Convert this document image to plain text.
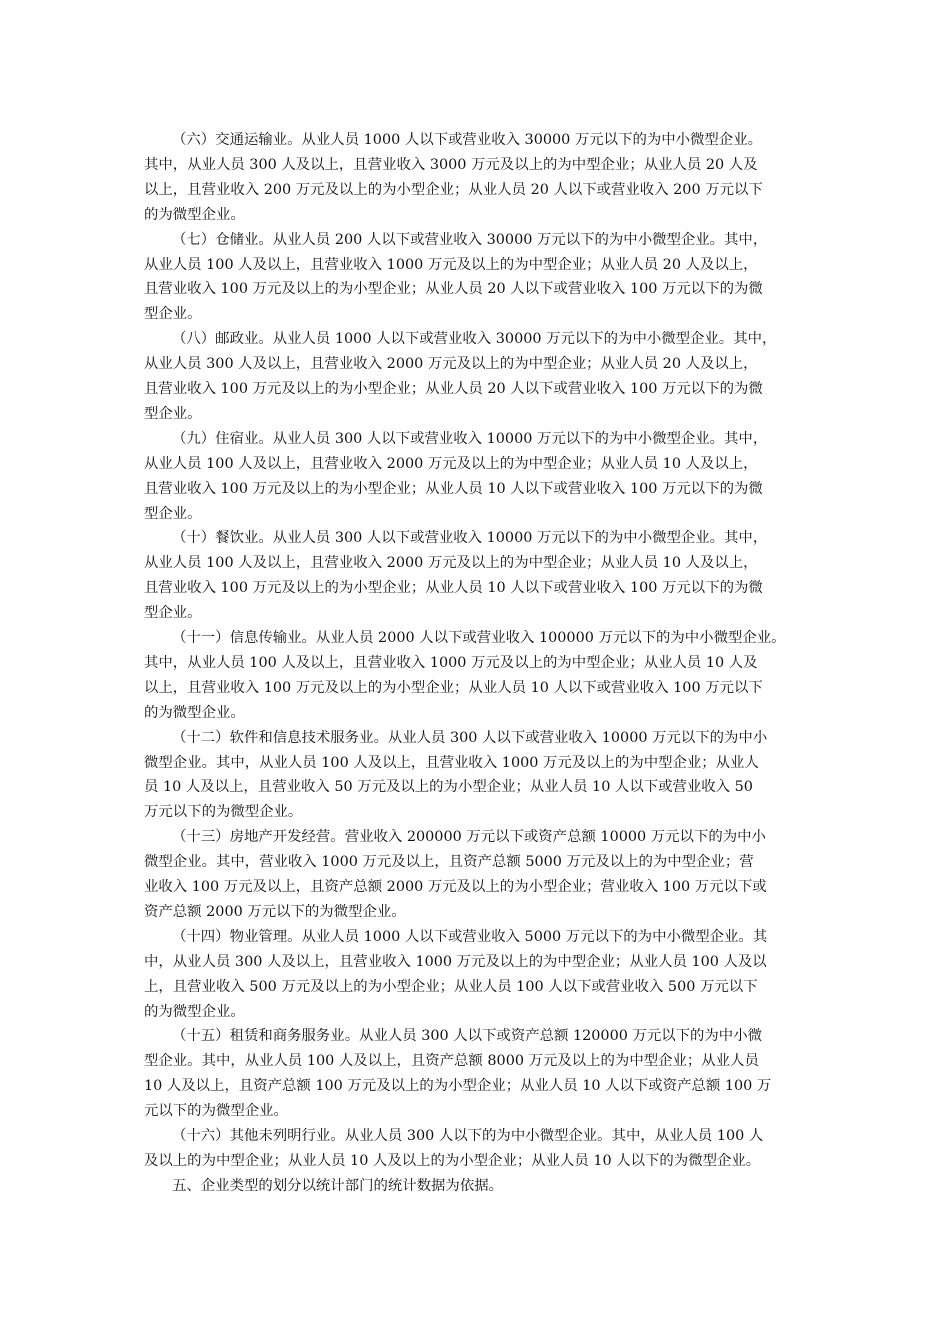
（六）交通运输业。从业人员 1000 人以下或营业收入 30000 万元以下的为中小微型企业。
其中，从业人员 300 人及以上，且营业收入 3000 万元及以上的为中型企业；从业人员 20 人及
以上，且营业收入 200 万元及以上的为小型企业；从业人员 20 人以下或营业收入 200 万元以下
的为微型企业。
（七）仓储业。从业人员 200 人以下或营业收入 30000 万元以下的为中小微型企业。其中，
从业人员 100 人及以上，且营业收入 1000 万元及以上的为中型企业；从业人员 20 人及以上，
且营业收入 100 万元及以上的为小型企业；从业人员 20 人以下或营业收入 100 万元以下的为微
型企业。
（八）邮政业。从业人员 1000 人以下或营业收入 30000 万元以下的为中小微型企业。其中，
从业人员 300 人及以上，且营业收入 2000 万元及以上的为中型企业；从业人员 20 人及以上，
且营业收入 100 万元及以上的为小型企业；从业人员 20 人以下或营业收入 100 万元以下的为微
型企业。
（九）住宿业。从业人员 300 人以下或营业收入 10000 万元以下的为中小微型企业。其中，
从业人员 100 人及以上，且营业收入 2000 万元及以上的为中型企业；从业人员 10 人及以上，
且营业收入 100 万元及以上的为小型企业；从业人员 10 人以下或营业收入 100 万元以下的为微
型企业。
（十）餐饮业。从业人员 300 人以下或营业收入 10000 万元以下的为中小微型企业。其中，
从业人员 100 人及以上，且营业收入 2000 万元及以上的为中型企业；从业人员 10 人及以上，
且营业收入 100 万元及以上的为小型企业；从业人员 10 人以下或营业收入 100 万元以下的为微
型企业。
（十一）信息传输业。从业人员 2000 人以下或营业收入 100000 万元以下的为中小微型企业。
其中，从业人员 100 人及以上，且营业收入 1000 万元及以上的为中型企业；从业人员 10 人及
以上，且营业收入 100 万元及以上的为小型企业；从业人员 10 人以下或营业收入 100 万元以下
的为微型企业。
（十二）软件和信息技术服务业。从业人员 300 人以下或营业收入 10000 万元以下的为中小
微型企业。其中，从业人员 100 人及以上，且营业收入 1000 万元及以上的为中型企业；从业人
员 10 人及以上，且营业收入 50 万元及以上的为小型企业；从业人员 10 人以下或营业收入 50
万元以下的为微型企业。
（十三）房地产开发经营。营业收入 200000 万元以下或资产总额 10000 万元以下的为中小
微型企业。其中，营业收入 1000 万元及以上，且资产总额 5000 万元及以上的为中型企业；营
业收入 100 万元及以上，且资产总额 2000 万元及以上的为小型企业；营业收入 100 万元以下或
资产总额 2000 万元以下的为微型企业。
（十四）物业管理。从业人员 1000 人以下或营业收入 5000 万元以下的为中小微型企业。其
中，从业人员 300 人及以上，且营业收入 1000 万元及以上的为中型企业；从业人员 100 人及以
上，且营业收入 500 万元及以上的为小型企业；从业人员 100 人以下或营业收入 500 万元以下
的为微型企业。
（十五）租赁和商务服务业。从业人员 300 人以下或资产总额 120000 万元以下的为中小微
型企业。其中，从业人员 100 人及以上，且资产总额 8000 万元及以上的为中型企业；从业人员
10 人及以上，且资产总额 100 万元及以上的为小型企业；从业人员 10 人以下或资产总额 100 万
元以下的为微型企业。
（十六）其他未列明行业。从业人员 300 人以下的为中小微型企业。其中，从业人员 100 人
及以上的为中型企业；从业人员 10 人及以上的为小型企业；从业人员 10 人以下的为微型企业。
五、企业类型的划分以统计部门的统计数据为依据。
